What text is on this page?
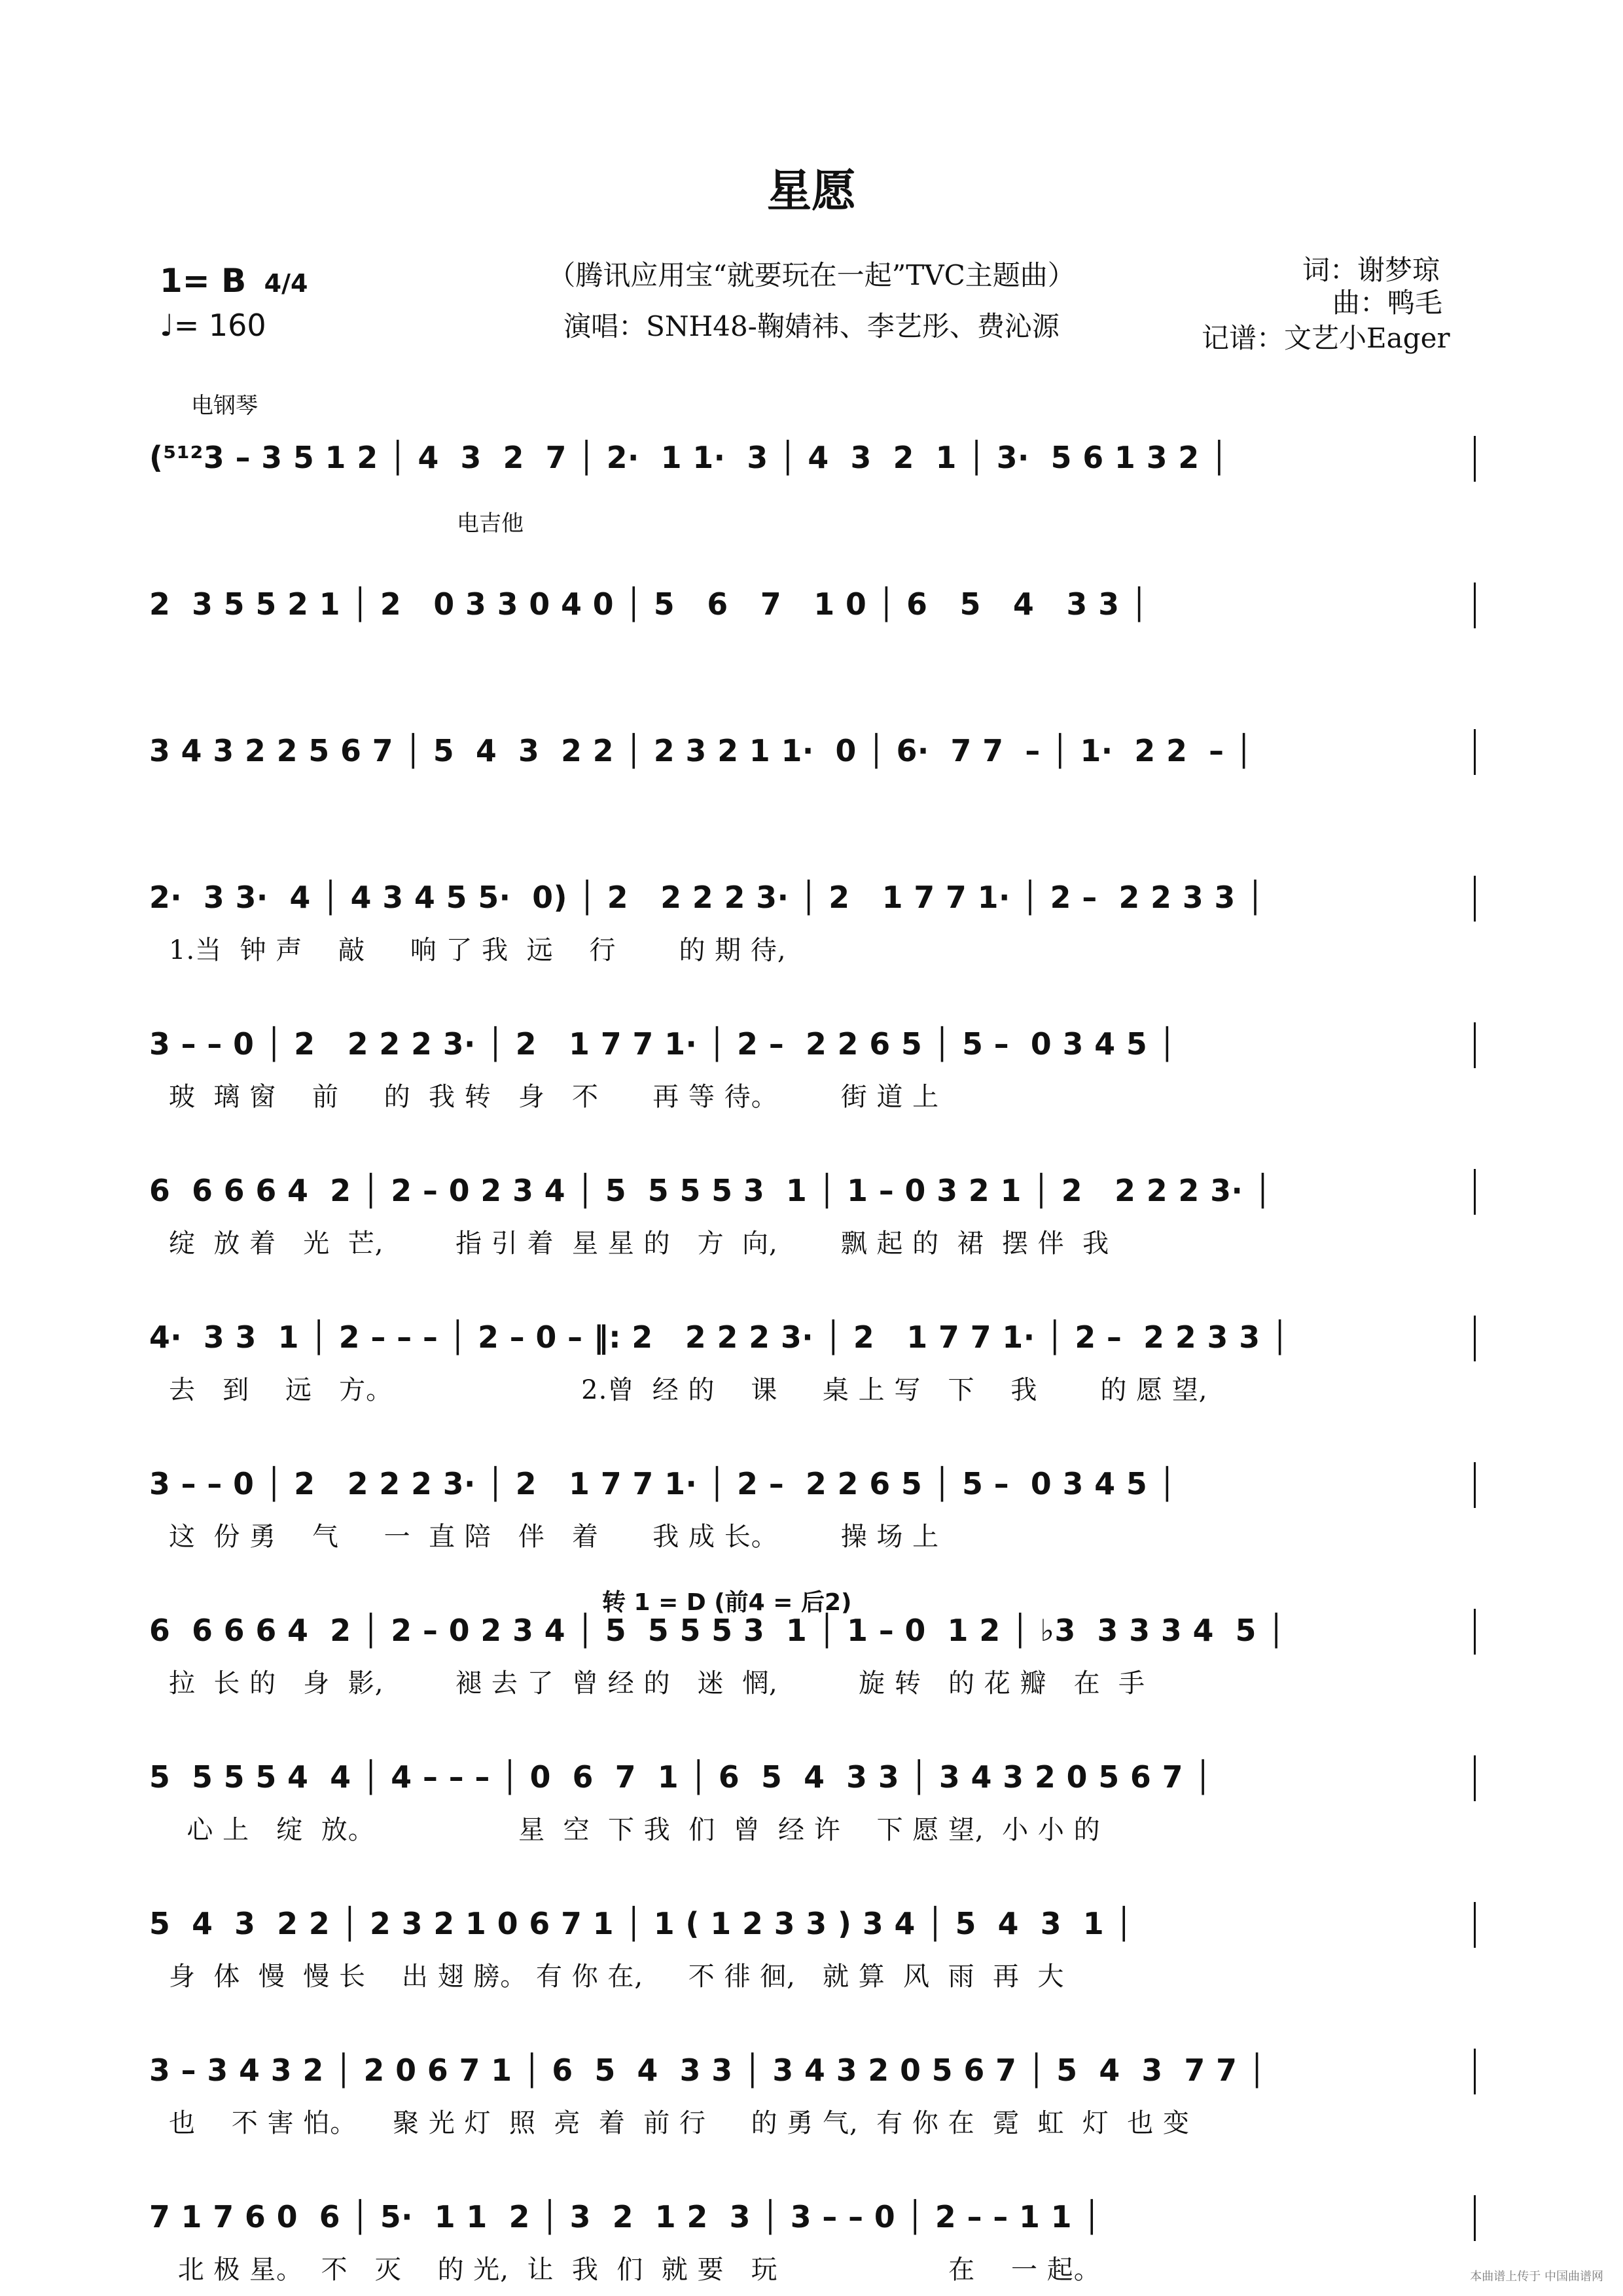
星愿
1= B 4/4
♩= 160
（腾讯应用宝“就要玩在一起”TVC主题曲）
演唱：SNH48-鞠婧祎、李艺彤、费沁源
词：谢梦琼
曲：鸭毛
记谱：文艺小Eager
电钢琴
电吉他
转 1 = D (前4 = 后2)
(⁵¹²3 – 3 5 1 2 │ 4  3  2  7 │ 2·  1 1·  3 │ 4  3  2  1 │ 3·  5 6 1 3 2 │
2  3 5 5 2 1 │ 2   0 3 3 0 4 0 │ 5   6   7   1 0 │ 6   5   4   3 3 │
3 4 3 2 2 5 6 7 │ 5  4  3  2 2 │ 2 3 2 1 1·  0 │ 6·  7 7  – │ 1·  2 2  – │
2·  3 3·  4 │ 4 3 4 5 5·  0) │ 2   2 2 2 3· │ 2   1 7 7 1· │ 2 –  2 2 3 3 │
1.当  钟 声    敲     响 了 我  远    行       的 期 待,
3 – – 0 │ 2   2 2 2 3· │ 2   1 7 7 1· │ 2 –  2 2 6 5 │ 5 –  0 3 4 5 │
玻  璃 窗    前     的  我 转   身   不      再 等 待。       街 道 上
6  6 6 6 4  2 │ 2 – 0 2 3 4 │ 5  5 5 5 3  1 │ 1 – 0 3 2 1 │ 2   2 2 2 3· │
绽  放 着   光  芒,        指 引 着  星 星 的   方  向,       飘 起 的  裙  摆 伴  我
4·  3 3  1 │ 2 – – – │ 2 – 0 – ‖: 2   2 2 2 3· │ 2   1 7 7 1· │ 2 –  2 2 3 3 │
去   到    远   方。                     2.曾  经 的    课     桌 上 写   下    我       的 愿 望,
3 – – 0 │ 2   2 2 2 3· │ 2   1 7 7 1· │ 2 –  2 2 6 5 │ 5 –  0 3 4 5 │
这  份 勇    气     一  直 陪   伴   着      我 成 长。       操 场 上
6  6 6 6 4  2 │ 2 – 0 2 3 4 │ 5  5 5 5 3  1 │ 1 – 0  1 2 │ ♭3  3 3 3 4  5 │
拉  长 的   身  影,        褪 去 了  曾 经 的   迷  惘,         旋 转   的 花 瓣   在  手
5  5 5 5 4  4 │ 4 – – – │ 0  6  7  1 │ 6  5  4  3 3 │ 3 4 3 2 0 5 6 7 │
心 上   绽  放。                星  空  下 我  们  曾  经 许    下 愿 望,  小 小 的
5  4  3  2 2 │ 2 3 2 1 0 6 7 1 │ 1 ( 1 2 3 3 ) 3 4 │ 5  4  3  1 │
身  体  慢  慢 长    出 翅 膀。 有 你 在,     不 徘 徊,   就 算  风  雨  再  大
3 – 3 4 3 2 │ 2 0 6 7 1 │ 6  5  4  3 3 │ 3 4 3 2 0 5 6 7 │ 5  4  3  7 7 │
也    不 害 怕。    聚 光 灯  照  亮  着  前 行     的 勇 气,  有 你 在  霓  虹  灯  也 变
7 1 7 6 0  6 │ 5·  1 1  2 │ 3  2  1 2  3 │ 3 – – 0 │ 2 – – 1 1 │
北 极 星。  不   灭    的 光,  让  我  们  就 要   玩                   在    一 起。	本曲谱上传于 中国曲谱网
